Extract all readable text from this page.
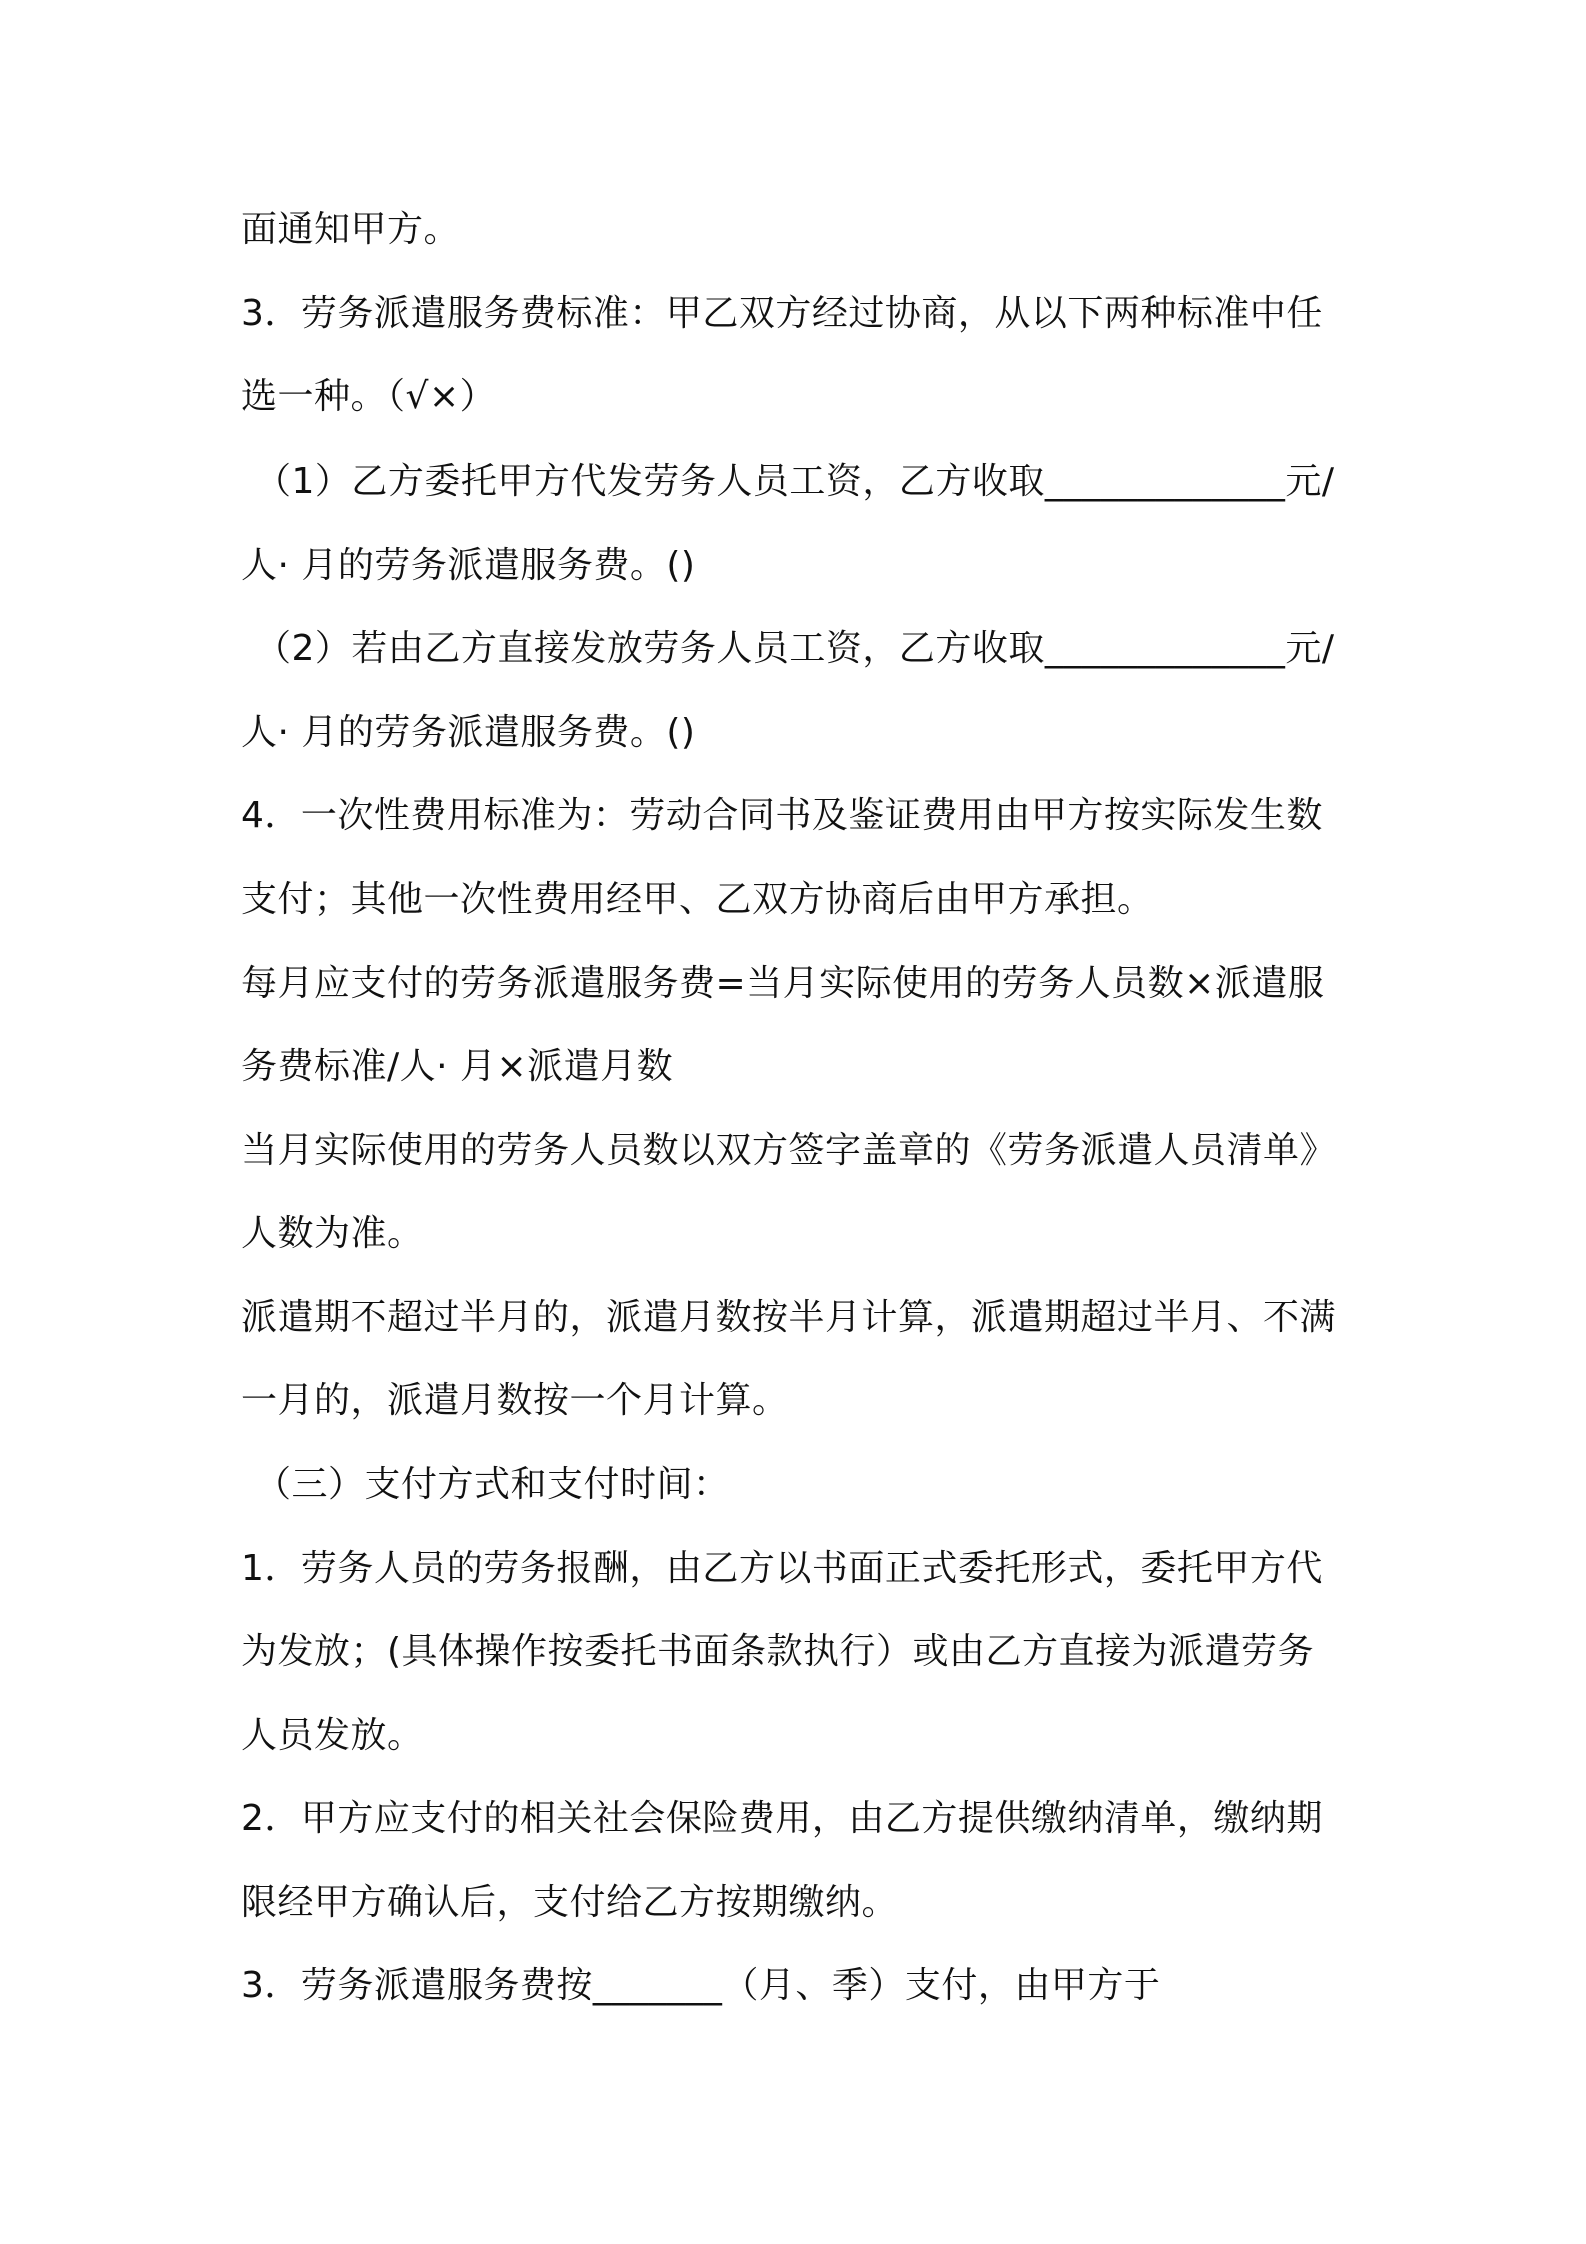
面通知甲方。
3．劳务派遣服务费标准：甲乙双方经过协商，从以下两种标准中任
选一种。（√×）
（1）乙方委托甲方代发劳务人员工资，乙方收取_____________元/
人· 月的劳务派遣服务费。()
（2）若由乙方直接发放劳务人员工资，乙方收取_____________元/
人· 月的劳务派遣服务费。()
4．一次性费用标准为：劳动合同书及鉴证费用由甲方按实际发生数
支付；其他一次性费用经甲、乙双方协商后由甲方承担。
每月应支付的劳务派遣服务费=当月实际使用的劳务人员数×派遣服
务费标准/人· 月×派遣月数
当月实际使用的劳务人员数以双方签字盖章的《劳务派遣人员清单》
人数为准。
派遣期不超过半月的，派遣月数按半月计算，派遣期超过半月、不满
一月的，派遣月数按一个月计算。
（三）支付方式和支付时间：
1．劳务人员的劳务报酬，由乙方以书面正式委托形式，委托甲方代
为发放；(具体操作按委托书面条款执行）或由乙方直接为派遣劳务
人员发放。
2．甲方应支付的相关社会保险费用，由乙方提供缴纳清单，缴纳期
限经甲方确认后，支付给乙方按期缴纳。
3．劳务派遣服务费按_______（月、季）支付，由甲方于
